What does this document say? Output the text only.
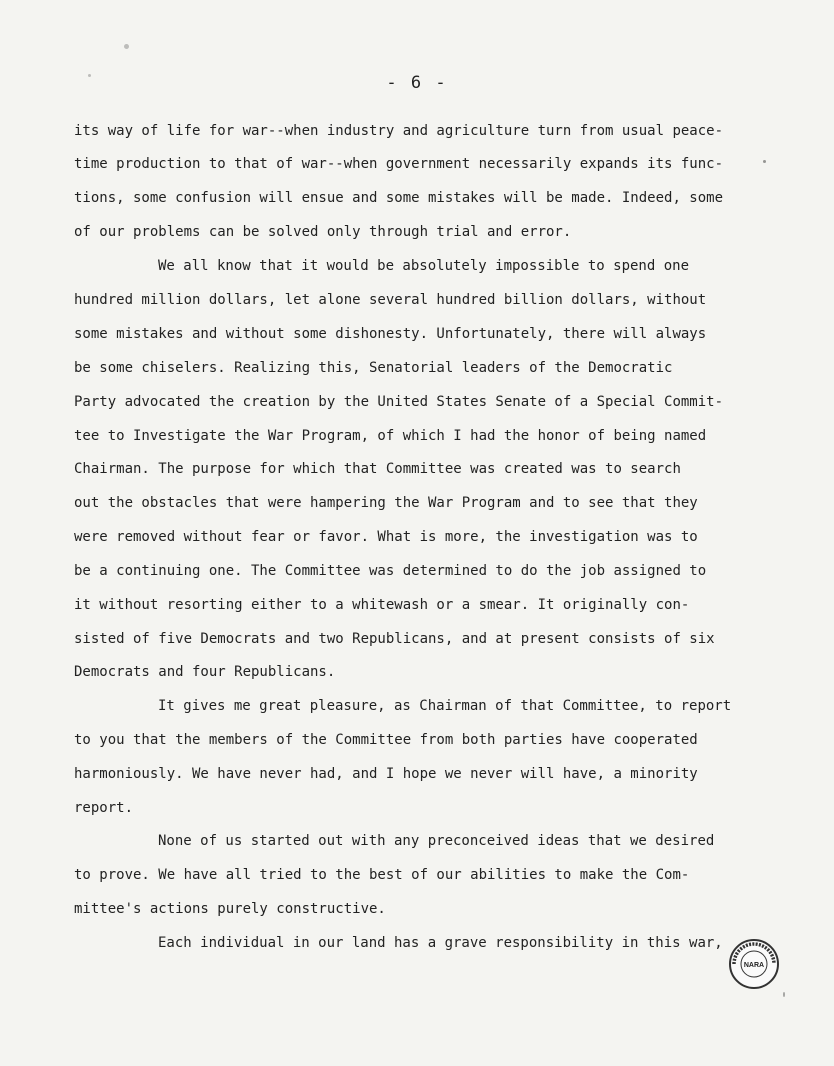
- 6 -

its way of life for war--when industry and agriculture turn from usual peace-

time production to that of war--when government necessarily expands its func-

tions, some confusion will ensue and some mistakes will be made. Indeed, some

of our problems can be solved only through trial and error.

We all know that it would be absolutely impossible to spend one

hundred million dollars, let alone several hundred billion dollars, without

some mistakes and without some dishonesty. Unfortunately, there will always

be some chiselers. Realizing this, Senatorial leaders of the Democratic

Party advocated the creation by the United States Senate of a Special Commit-

tee to Investigate the War Program, of which I had the honor of being named

Chairman. The purpose for which that Committee was created was to search

out the obstacles that were hampering the War Program and to see that they

were removed without fear or favor. What is more, the investigation was to

be a continuing one. The Committee was determined to do the job assigned to

it without resorting either to a whitewash or a smear. It originally con-

sisted of five Democrats and two Republicans, and at present consists of six

Democrats and four Republicans.

It gives me great pleasure, as Chairman of that Committee, to report

to you that the members of the Committee from both parties have cooperated

harmoniously. We have never had, and I hope we never will have, a minority

report.

None of us started out with any preconceived ideas that we desired

to prove. We have all tried to the best of our abilities to make the Com-

mittee's actions purely constructive.

Each individual in our land has a grave responsibility in this war,

NARA
